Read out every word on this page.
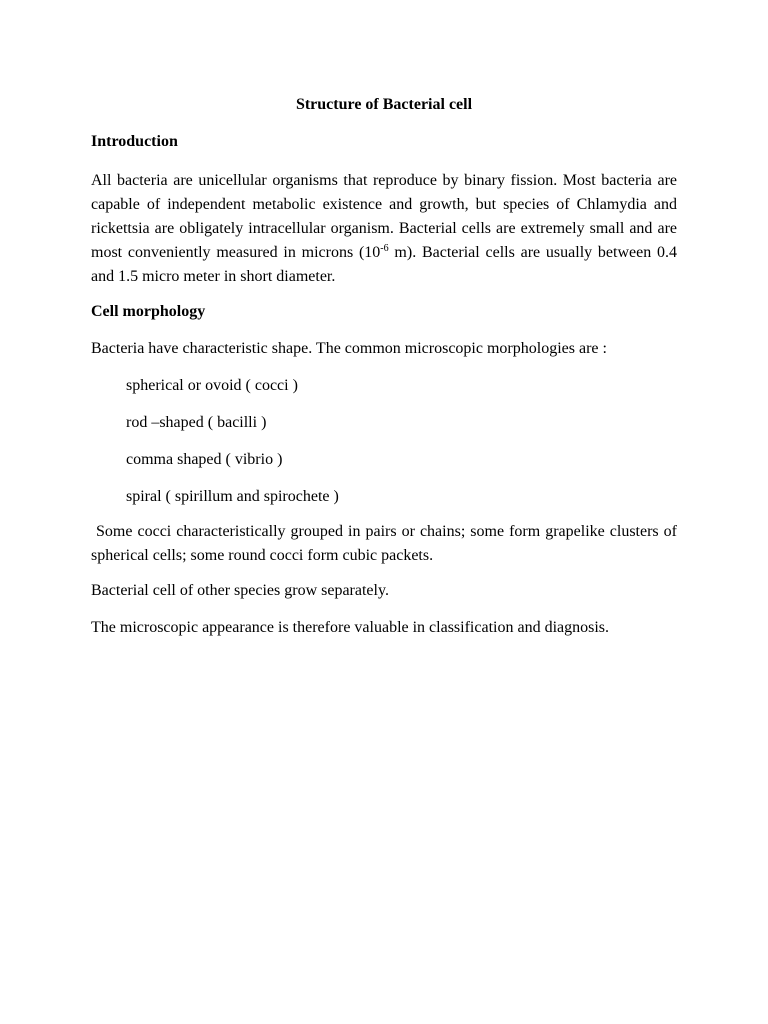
Structure of Bacterial cell
Introduction

All bacteria are unicellular organisms that reproduce by binary fission. Most bacteria are capable of independent metabolic existence and growth, but species of Chlamydia and rickettsia are obligately intracellular organism. Bacterial cells are extremely small and are most conveniently measured in microns ($10^{-6}$ m). Bacterial cells are usually between 0.4 and 1.5 micro meter in short diameter.

Cell morphology

Bacteria have characteristic shape. The common microscopic morphologies are :

spherical or ovoid ( cocci )
rod –shaped ( bacilli )
comma shaped ( vibrio )
spiral ( spirillum and spirochete )

Some cocci characteristically grouped in pairs or chains; some form grapelike clusters of spherical cells; some round cocci form cubic packets.

Bacterial cell of other species grow separately.

The microscopic appearance is therefore valuable in classification and diagnosis.
